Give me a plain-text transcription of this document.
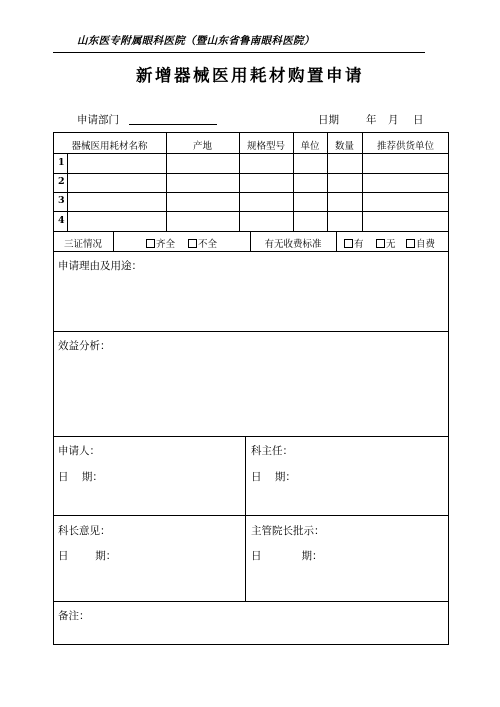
山东医专附属眼科医院（暨山东省鲁南眼科医院）
新增器械医用耗材购置申请
申请部门	日期	年 月 日
器械医用耗材名称	产地	规格型号	单位	数量	推荐供货单位
1
2
3
4
三证情况	齐全	不全	有无收费标准	有	无	自费
申请理由及用途：
效益分析：
申请人：
日    期：
科主任：
日    期：
科长意见：
日        期：
主管院长批示：
日            期：
备注：
